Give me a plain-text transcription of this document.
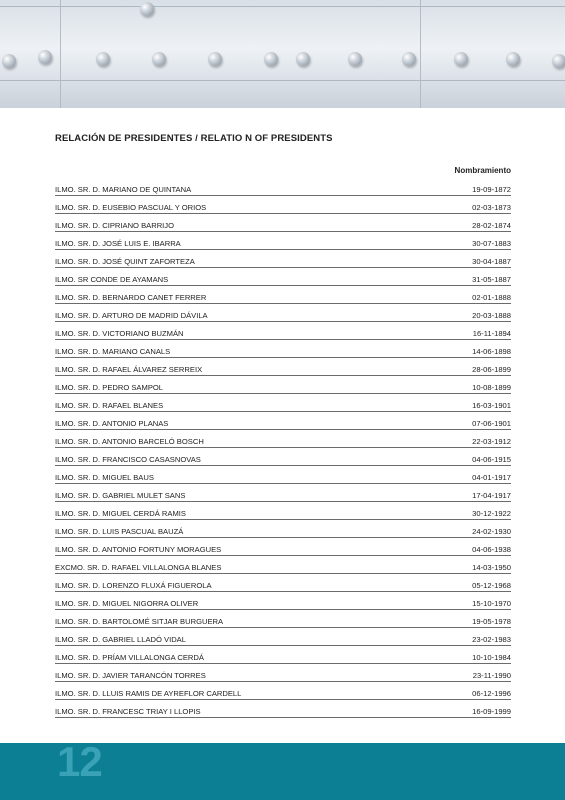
RELACIÓN DE PRESIDENTES / RELATIO N OF PRESIDENTS
Nombramiento
ILMO. SR. D. MARIANO DE QUINTANA	19-09-1872
ILMO. SR. D. EUSEBIO PASCUAL Y ORIOS	02-03-1873
ILMO. SR. D. CIPRIANO BARRIJO	28-02-1874
ILMO. SR. D. JOSÉ LUIS E. IBARRA	30-07-1883
ILMO. SR. D. JOSÉ QUINT ZAFORTEZA	30-04-1887
ILMO. SR CONDE DE AYAMANS	31-05-1887
ILMO. SR. D. BERNARDO CANET FERRER	02-01-1888
ILMO. SR. D. ARTURO DE MADRID DÁVILA	20-03-1888
ILMO. SR. D. VICTORIANO BUZMÁN	16-11-1894
ILMO. SR. D. MARIANO CANALS	14-06-1898
ILMO. SR. D. RAFAEL ÁLVAREZ SERREIX	28-06-1899
ILMO. SR. D. PEDRO SAMPOL	10-08-1899
ILMO. SR. D. RAFAEL BLANES	16-03-1901
ILMO. SR. D. ANTONIO PLANAS	07-06-1901
ILMO. SR. D. ANTONIO BARCELÓ BOSCH	22-03-1912
ILMO. SR. D. FRANCISCO CASASNOVAS	04-06-1915
ILMO. SR. D. MIGUEL BAUS	04-01-1917
ILMO. SR. D. GABRIEL MULET SANS	17-04-1917
ILMO. SR. D. MIGUEL CERDÁ RAMIS	30-12-1922
ILMO. SR. D. LUIS PASCUAL BAUZÁ	24-02-1930
ILMO. SR. D. ANTONIO FORTUNY MORAGUES	04-06-1938
EXCMO. SR. D. RAFAEL VILLALONGA BLANES	14-03-1950
ILMO. SR. D. LORENZO FLUXÁ FIGUEROLA	05-12-1968
ILMO. SR. D. MIGUEL NIGORRA OLIVER	15-10-1970
ILMO. SR. D. BARTOLOMÉ SITJAR BURGUERA	19-05-1978
ILMO. SR. D. GABRIEL LLADÓ VIDAL	23-02-1983
ILMO. SR. D. PRÍAM VILLALONGA CERDÁ	10-10-1984
ILMO. SR. D. JAVIER TARANCÓN TORRES	23-11-1990
ILMO. SR. D. LLUIS RAMIS DE AYREFLOR CARDELL	06-12-1996
ILMO. SR. D. FRANCESC TRIAY I LLOPIS	16-09-1999
12
